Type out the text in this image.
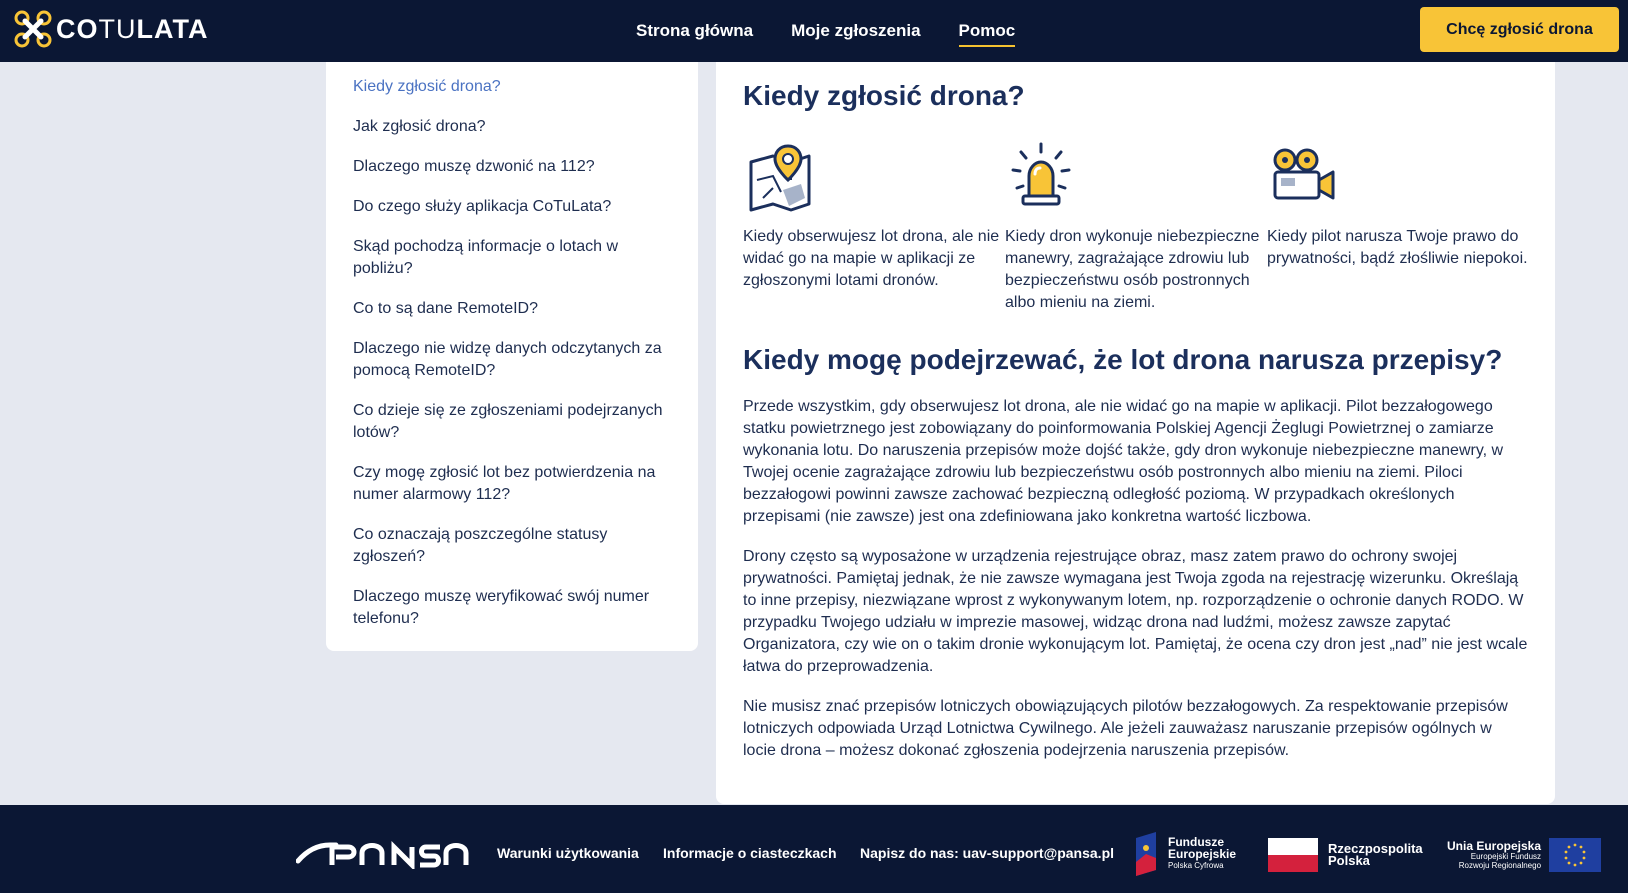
COTULATA	Strona główna Moje zgłoszenia Pomoc	Chcę zgłosić drona
Kiedy zgłosić drona?
Jak zgłosić drona?
Dlaczego muszę dzwonić na 112?
Do czego służy aplikacja CoTuLata?
Skąd pochodzą informacje o lotach w pobliżu?
Co to są dane RemoteID?
Dlaczego nie widzę danych odczytanych za pomocą RemoteID?
Co dzieje się ze zgłoszeniami podejrzanych lotów?
Czy mogę zgłosić lot bez potwierdzenia na numer alarmowy 112?
Co oznaczają poszczególne statusy zgłoszeń?
Dlaczego muszę weryfikować swój numer telefonu?
Kiedy zgłosić drona?
Kiedy obserwujesz lot drona, ale nie widać go na mapie w aplikacji ze zgłoszonymi lotami dronów.
Kiedy dron wykonuje niebezpieczne manewry, zagrażające zdrowiu lub bezpieczeństwu osób postronnych albo mieniu na ziemi.
Kiedy pilot narusza Twoje prawo do prywatności, bądź złośliwie niepokoi.
Kiedy mogę podejrzewać, że lot drona narusza przepisy?
Przede wszystkim, gdy obserwujesz lot drona, ale nie widać go na mapie w aplikacji. Pilot bezzałogowego statku powietrznego jest zobowiązany do poinformowania Polskiej Agencji Żeglugi Powietrznej o zamiarze wykonania lotu. Do naruszenia przepisów może dojść także, gdy dron wykonuje niebezpieczne manewry, w Twojej ocenie zagrażające zdrowiu lub bezpieczeństwu osób postronnych albo mieniu na ziemi. Piloci bezzałogowi powinni zawsze zachować bezpieczną odległość poziomą. W przypadkach określonych przepisami (nie zawsze) jest ona zdefiniowana jako konkretna wartość liczbowa.
Drony często są wyposażone w urządzenia rejestrujące obraz, masz zatem prawo do ochrony swojej prywatności. Pamiętaj jednak, że nie zawsze wymagana jest Twoja zgoda na rejestrację wizerunku. Określają to inne przepisy, niezwiązane wprost z wykonywanym lotem, np. rozporządzenie o ochronie danych RODO. W przypadku Twojego udziału w imprezie masowej, widząc drona nad ludźmi, możesz zawsze zapytać Organizatora, czy wie on o takim dronie wykonującym lot. Pamiętaj, że ocena czy dron jest „nad” nie jest wcale łatwa do przeprowadzenia.
Nie musisz znać przepisów lotniczych obowiązujących pilotów bezzałogowych. Za respektowanie przepisów lotniczych odpowiada Urząd Lotnictwa Cywilnego. Ale jeżeli zauważasz naruszanie przepisów ogólnych w locie drona – możesz dokonać zgłoszenia podejrzenia naruszenia przepisów.
Warunki użytkowania Informacje o ciasteczkach Napisz do nas: uav-support@pansa.pl
Fundusze
Europejskie
Polska Cyfrowa
Rzeczpospolita
Polska
Unia Europejska
Europejski Fundusz
Rozwoju Regionalnego
